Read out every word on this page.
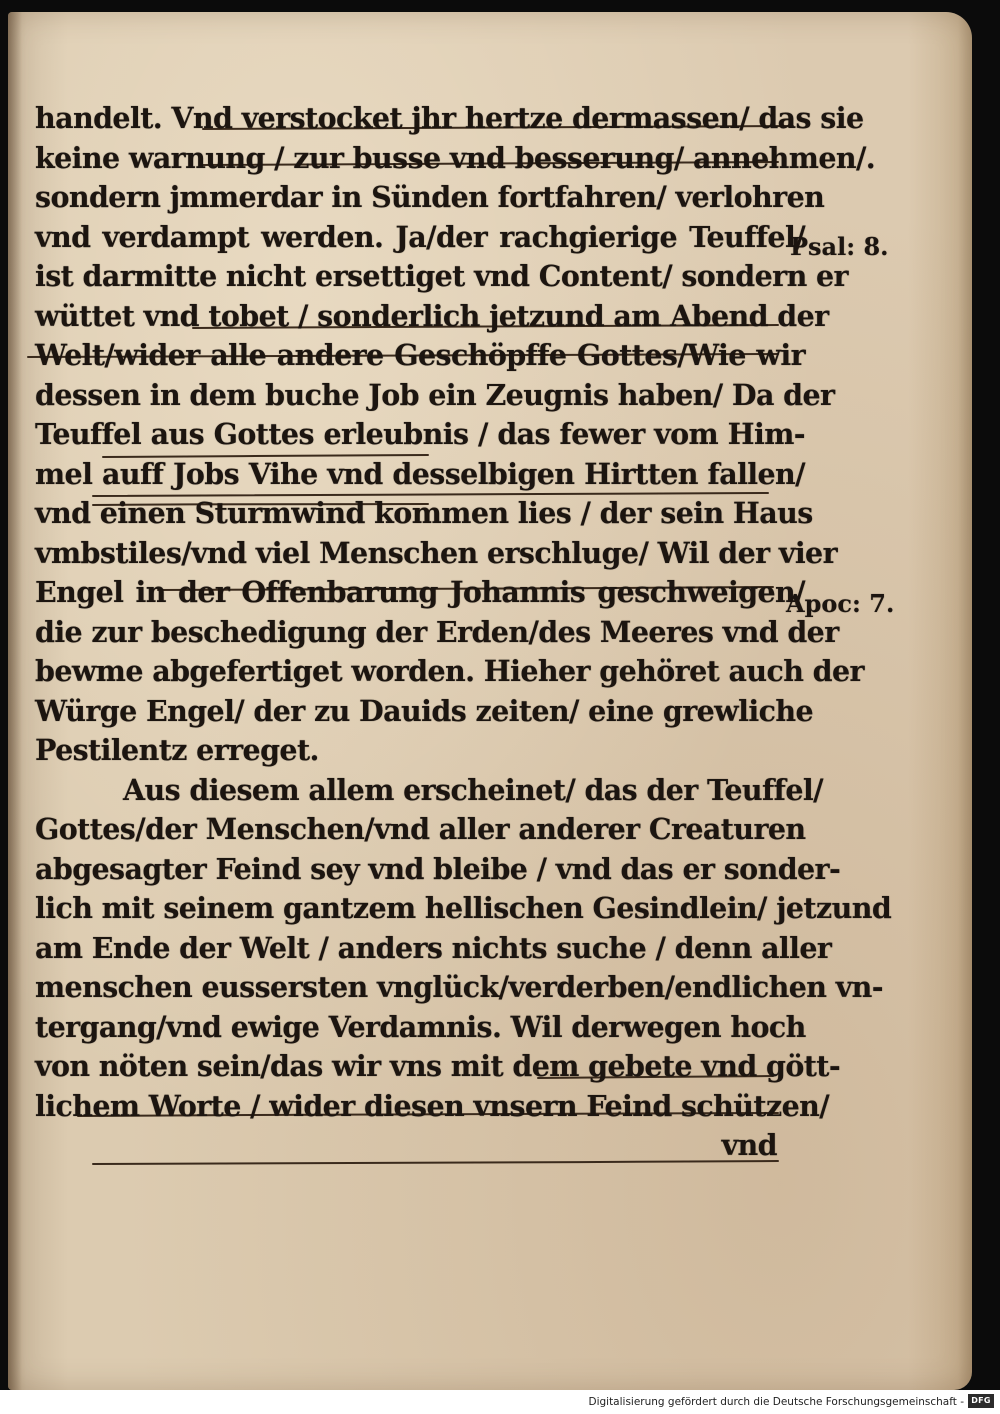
handelt. Vnd verstocket jhr hertze dermassen/ das sie
keine warnung / zur busse vnd besserung/ annehmen/.
sondern jmmerdar in Sünden fortfahren/ verlohren
vnd verdampt werden. Ja/der rachgierige Teuffel/
ist darmitte nicht ersettiget vnd Content/ sondern er
wüttet vnd tobet / sonderlich jetzund am Abend der
Welt/wider alle andere Geschöpffe Gottes/Wie wir
dessen in dem buche Job ein Zeugnis haben/ Da der
Teuffel aus Gottes erleubnis / das fewer vom Him-
mel auff Jobs Vihe vnd desselbigen Hirtten fallen/
vnd einen Sturmwind kommen lies / der sein Haus
vmbstiles/vnd viel Menschen erschluge/ Wil der vier
Engel in der Offenbarung Johannis geschweigen/
die zur beschedigung der Erden/des Meeres vnd der
bewme abgefertiget worden. Hieher gehöret auch der
Würge Engel/ der zu Dauids zeiten/ eine grewliche
Pestilentz erreget.
Aus diesem allem erscheinet/ das der Teuffel/
Gottes/der Menschen/vnd aller anderer Creaturen
abgesagter Feind sey vnd bleibe / vnd das er sonder-
lich mit seinem gantzem hellischen Gesindlein/ jetzund
am Ende der Welt / anders nichts suche / denn aller
menschen eussersten vnglück/verderben/endlichen vn-
tergang/vnd ewige Verdamnis. Wil derwegen hoch
von nöten sein/das wir vns mit dem gebete vnd gött-
lichem Worte / wider diesen vnsern Feind schützen/
vnd
Psal: 8.
Apoc: 7.
Digitalisierung gefördert durch die Deutsche Forschungsgemeinschaft - DFG
